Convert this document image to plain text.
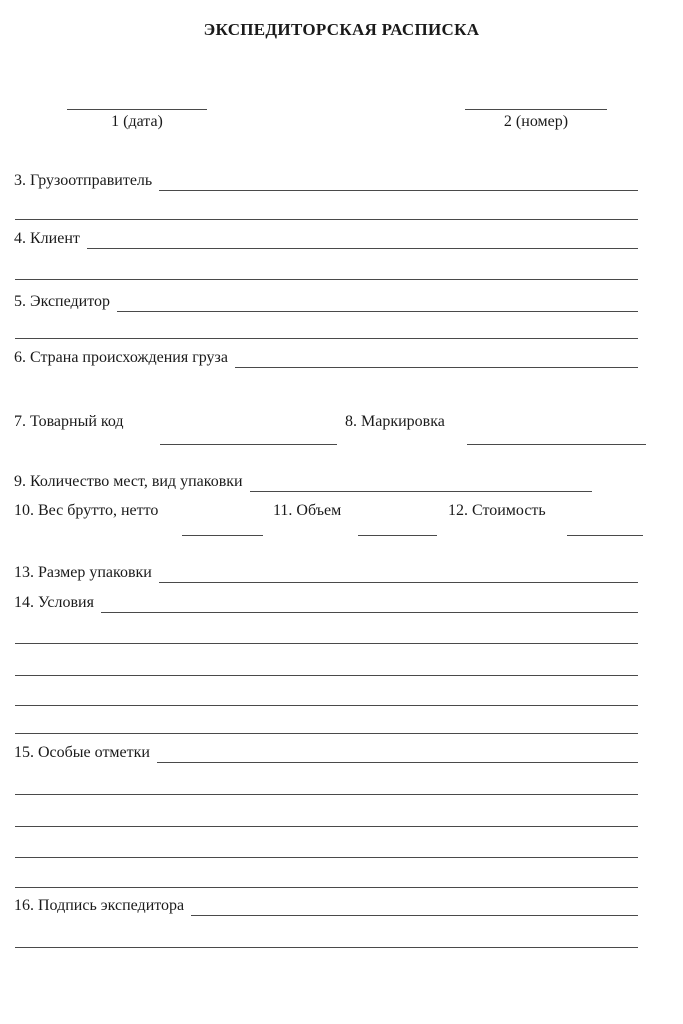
ЭКСПЕДИТОРСКАЯ РАСПИСКА
1 (дата)	2 (номер)
3. Грузоотправитель
4. Клиент
5. Экспедитор
6. Страна происхождения груза
7. Товарный код	8. Маркировка
9. Количество мест, вид упаковки
10. Вес брутто, нетто	11. Объем	12. Стоимость
13. Размер упаковки
14. Условия
15. Особые отметки
16. Подпись экспедитора
